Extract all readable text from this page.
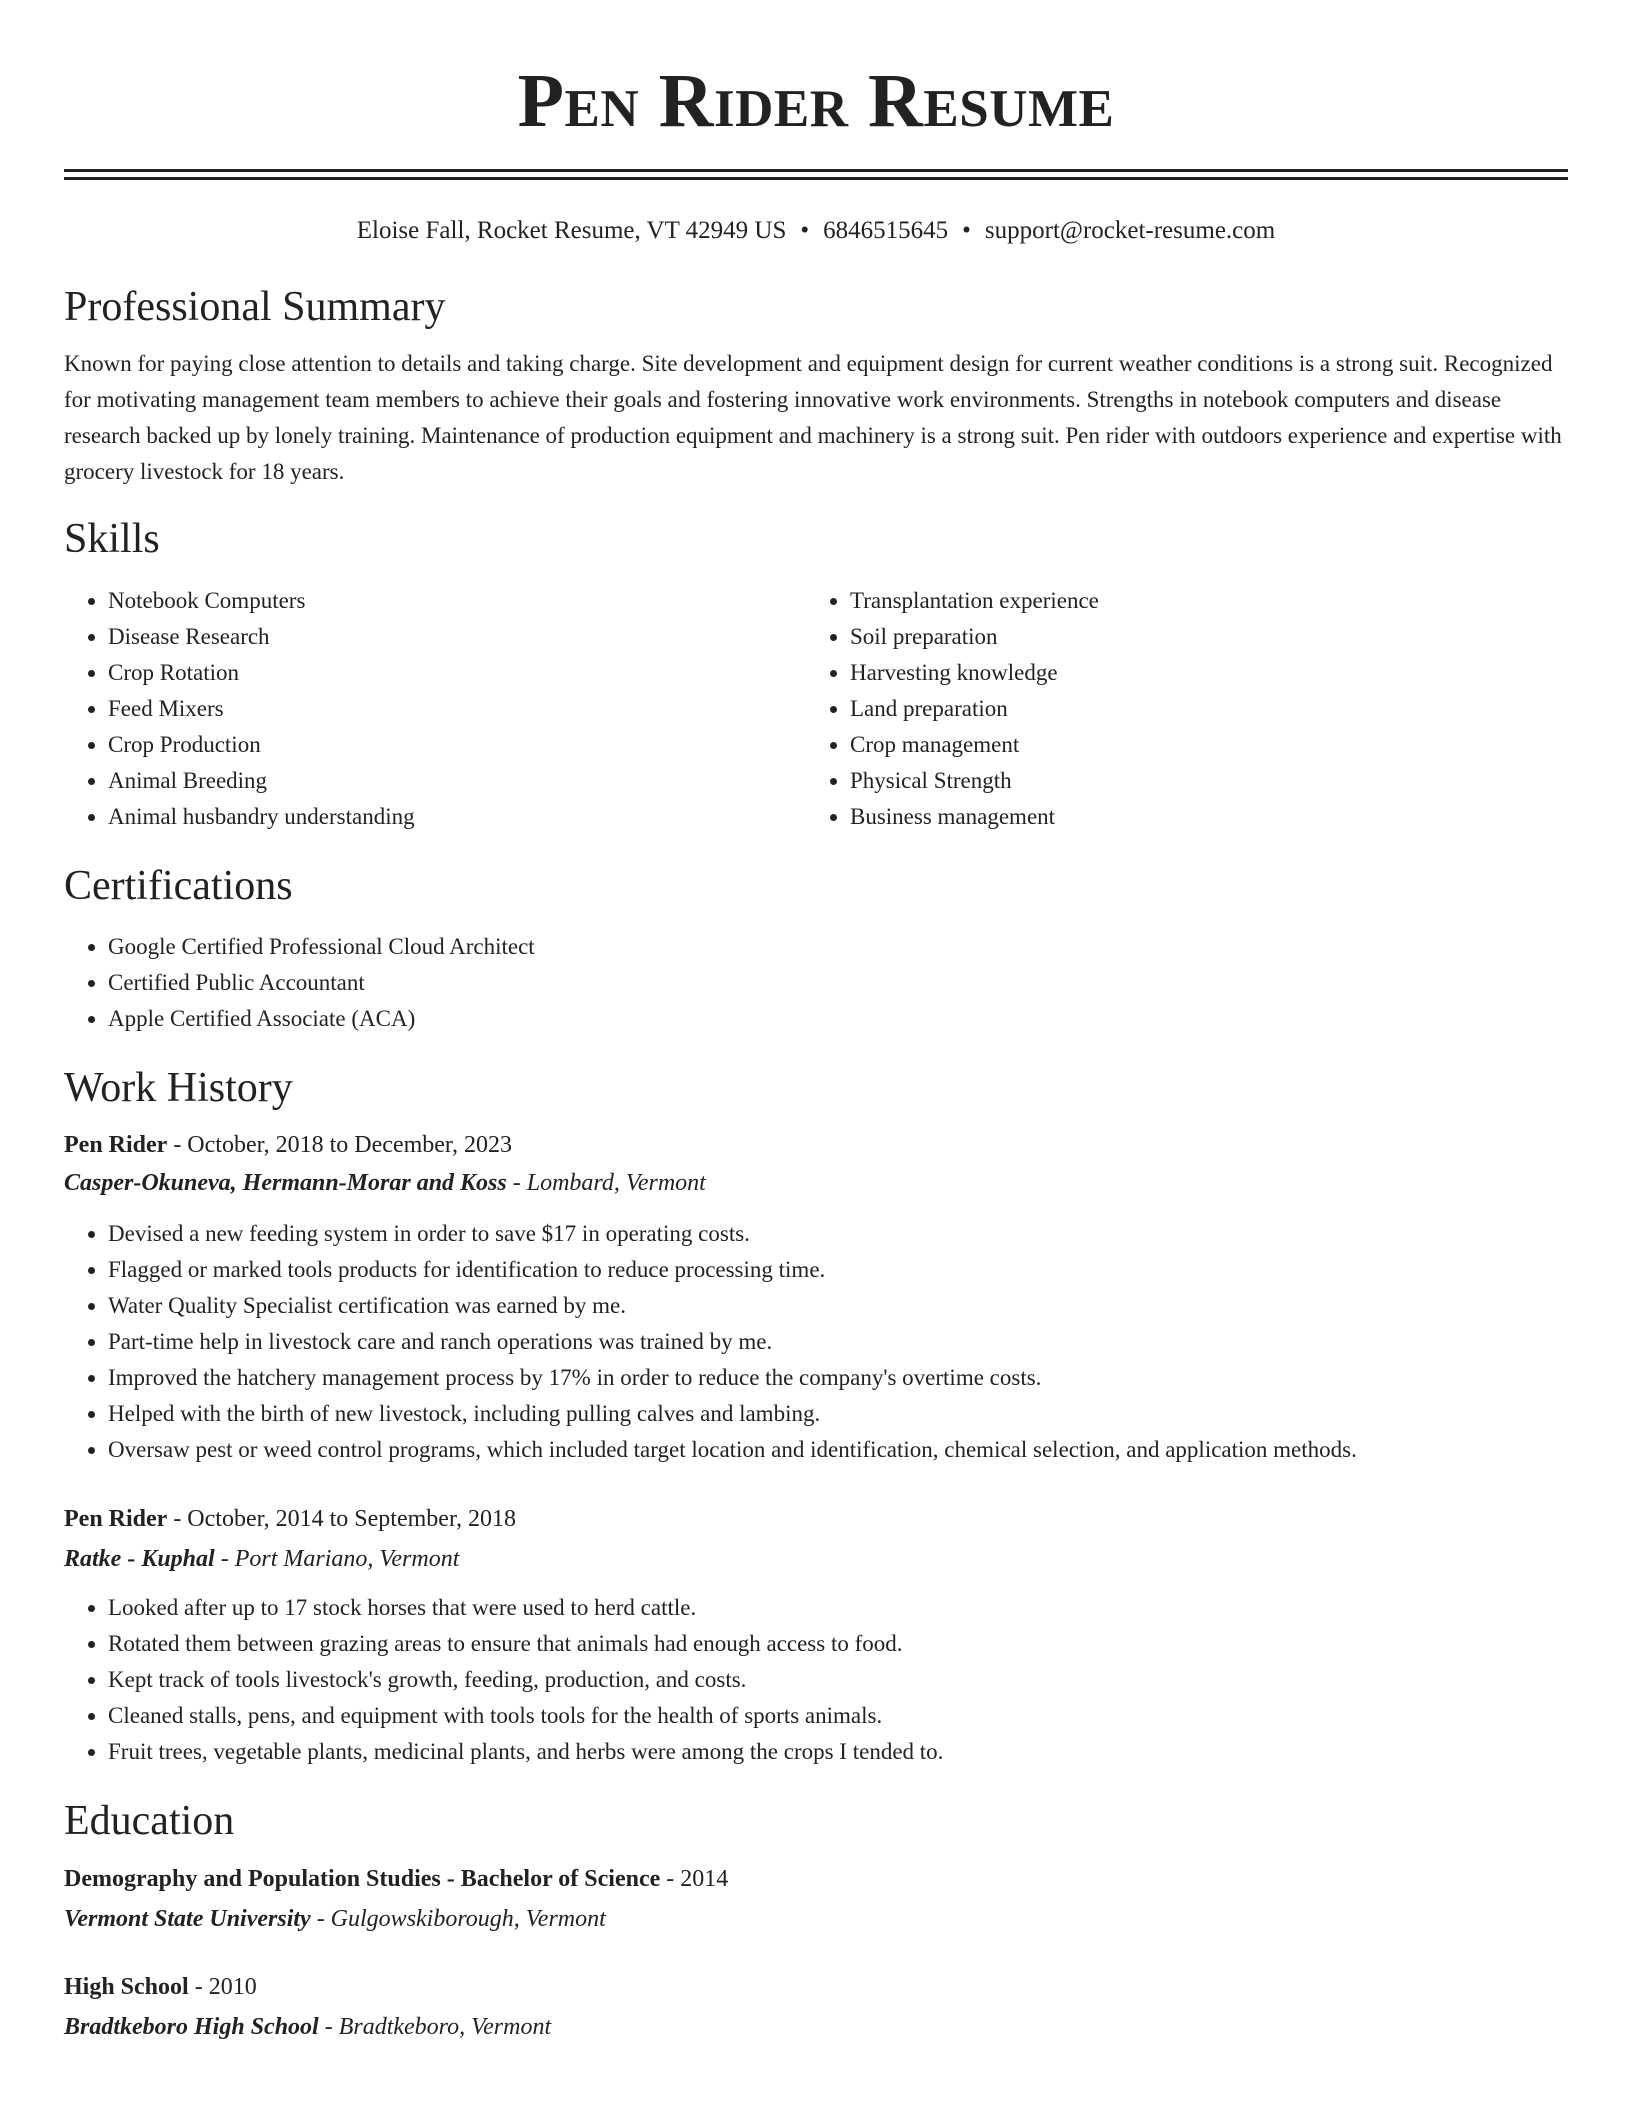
Pen Rider Resume
Eloise Fall, Rocket Resume, VT 42949 US • 6846515645 • support@rocket-resume.com
Professional Summary

Known for paying close attention to details and taking charge. Site development and equipment design for current weather conditions is a strong suit. Recognized for motivating management team members to achieve their goals and fostering innovative work environments. Strengths in notebook computers and disease research backed up by lonely training. Maintenance of production equipment and machinery is a strong suit. Pen rider with outdoors experience and expertise with grocery livestock for 18 years.

Skills
• Notebook Computers
• Disease Research
• Crop Rotation
• Feed Mixers
• Crop Production
• Animal Breeding
• Animal husbandry understanding
• Transplantation experience
• Soil preparation
• Harvesting knowledge
• Land preparation
• Crop management
• Physical Strength
• Business management
Certifications
• Google Certified Professional Cloud Architect
• Certified Public Accountant
• Apple Certified Associate (ACA)
Work History
Pen Rider - October, 2018 to December, 2023
Casper-Okuneva, Hermann-Morar and Koss - Lombard, Vermont
• Devised a new feeding system in order to save $17 in operating costs.
• Flagged or marked tools products for identification to reduce processing time.
• Water Quality Specialist certification was earned by me.
• Part-time help in livestock care and ranch operations was trained by me.
• Improved the hatchery management process by 17% in order to reduce the company's overtime costs.
• Helped with the birth of new livestock, including pulling calves and lambing.
• Oversaw pest or weed control programs, which included target location and identification, chemical selection, and application methods.
Pen Rider - October, 2014 to September, 2018
Ratke - Kuphal - Port Mariano, Vermont
• Looked after up to 17 stock horses that were used to herd cattle.
• Rotated them between grazing areas to ensure that animals had enough access to food.
• Kept track of tools livestock's growth, feeding, production, and costs.
• Cleaned stalls, pens, and equipment with tools tools for the health of sports animals.
• Fruit trees, vegetable plants, medicinal plants, and herbs were among the crops I tended to.
Education
Demography and Population Studies - Bachelor of Science - 2014
Vermont State University - Gulgowskiborough, Vermont
High School - 2010
Bradtkeboro High School - Bradtkeboro, Vermont
